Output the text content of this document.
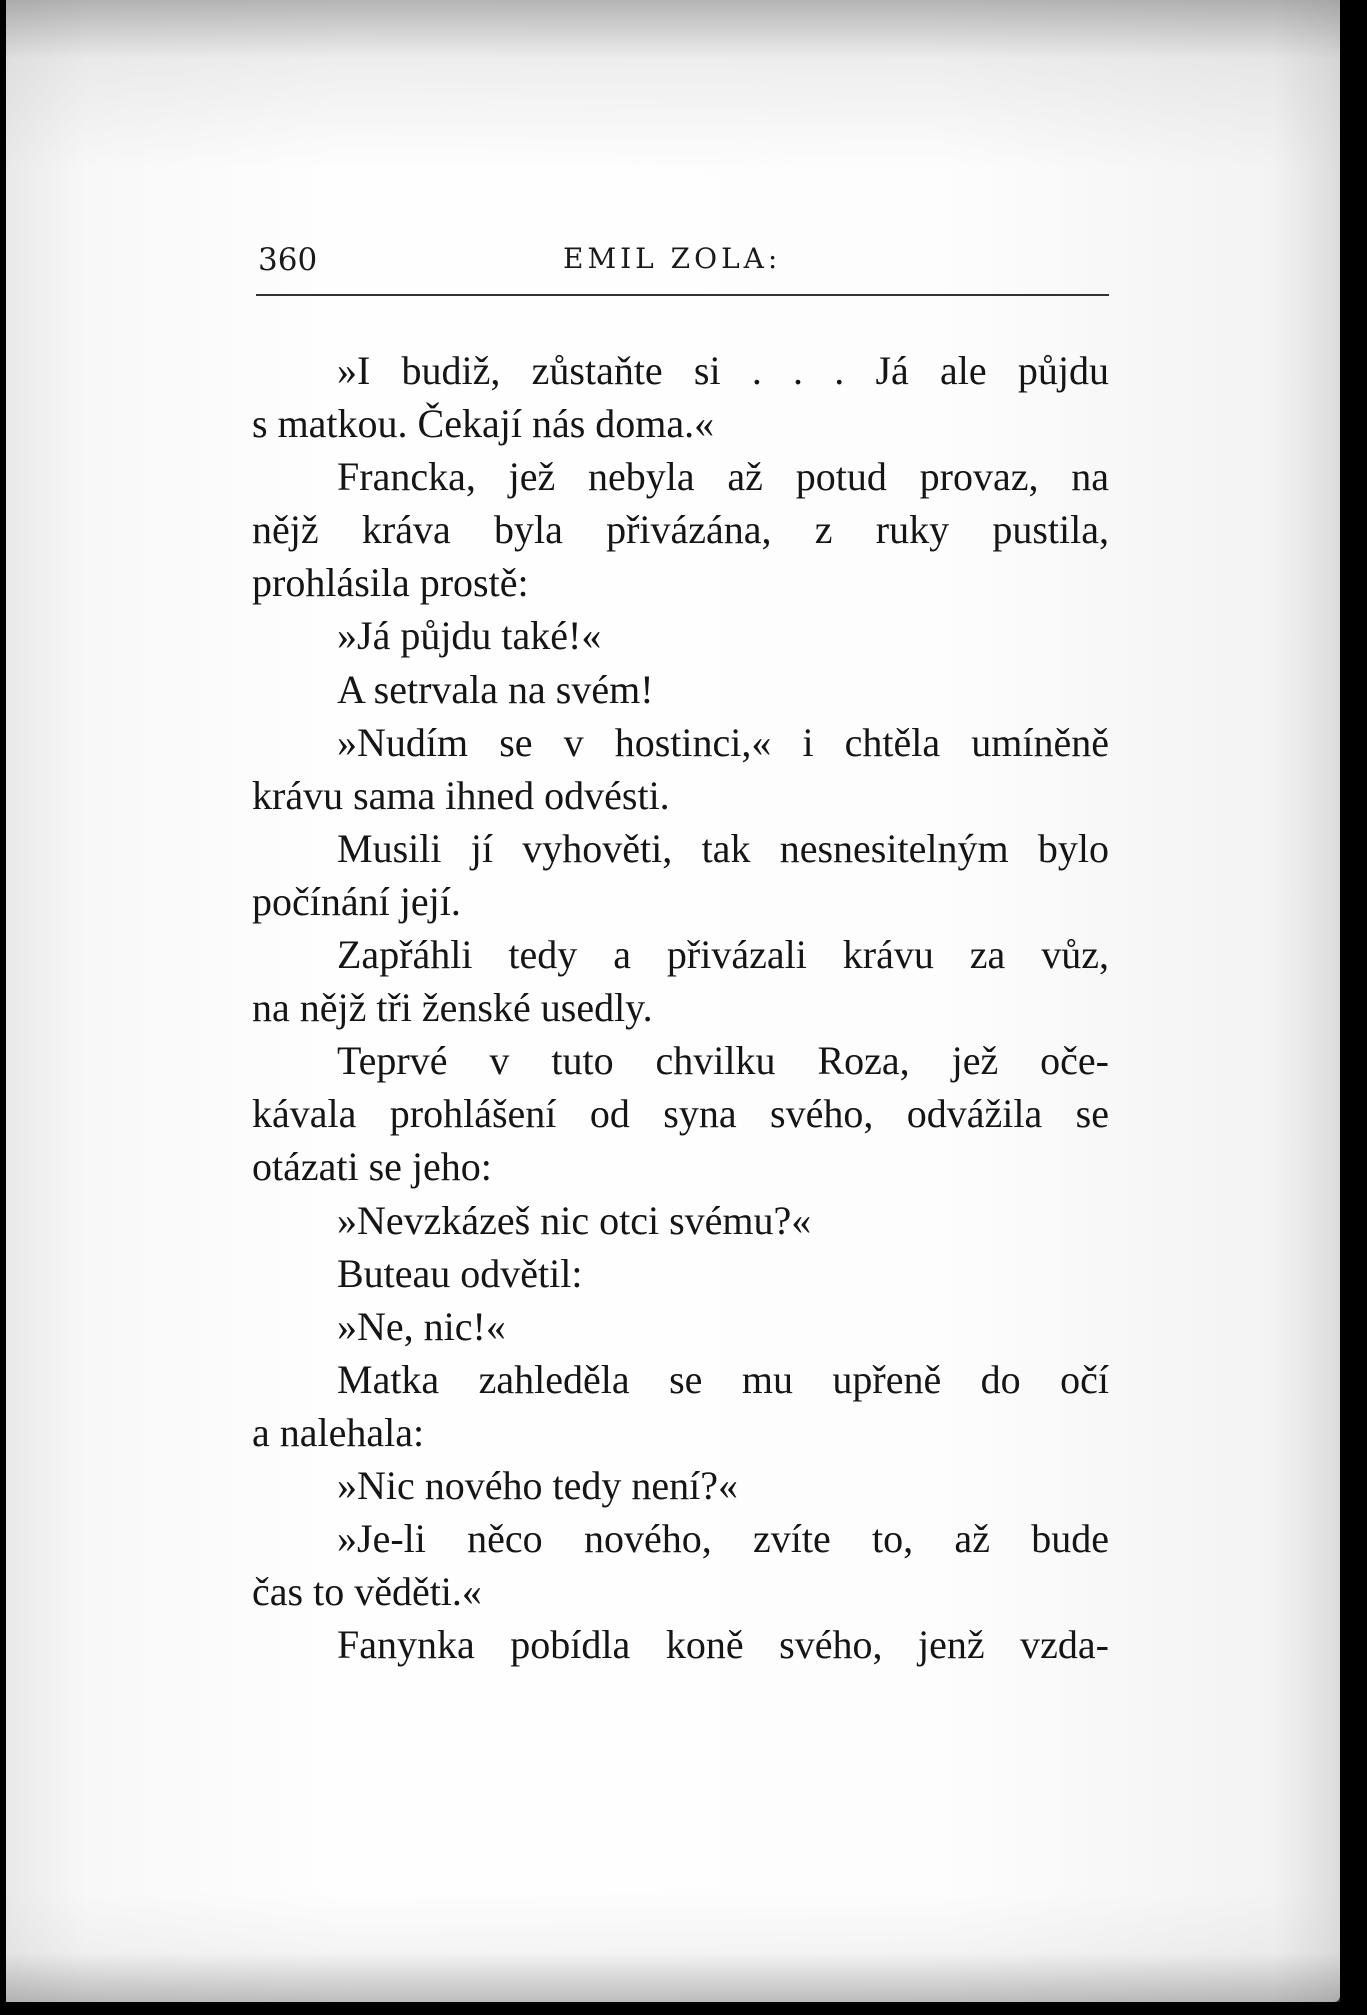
360	EMIL ZOLA:
»I budiž, zůstaňte si . . . Já ale půjdu
s matkou. Čekají nás doma.«
Francka, jež nebyla až potud provaz, na
nějž kráva byla přivázána, z ruky pustila,
prohlásila prostě:
»Já půjdu také!«
A setrvala na svém!
»Nudím se v hostinci,« i chtěla umíněně
krávu sama ihned odvésti.
Musili jí vyhověti, tak nesnesitelným bylo
počínání její.
Zapřáhli tedy a přivázali krávu za vůz,
na nějž tři ženské usedly.
Teprvé v tuto chvilku Roza, jež oče-
kávala prohlášení od syna svého, odvážila se
otázati se jeho:
»Nevzkázeš nic otci svému?«
Buteau odvětil:
»Ne, nic!«
Matka zahleděla se mu upřeně do očí
a nalehala:
»Nic nového tedy není?«
»Je-li něco nového, zvíte to, až bude
čas to věděti.«
Fanynka pobídla koně svého, jenž vzda-
